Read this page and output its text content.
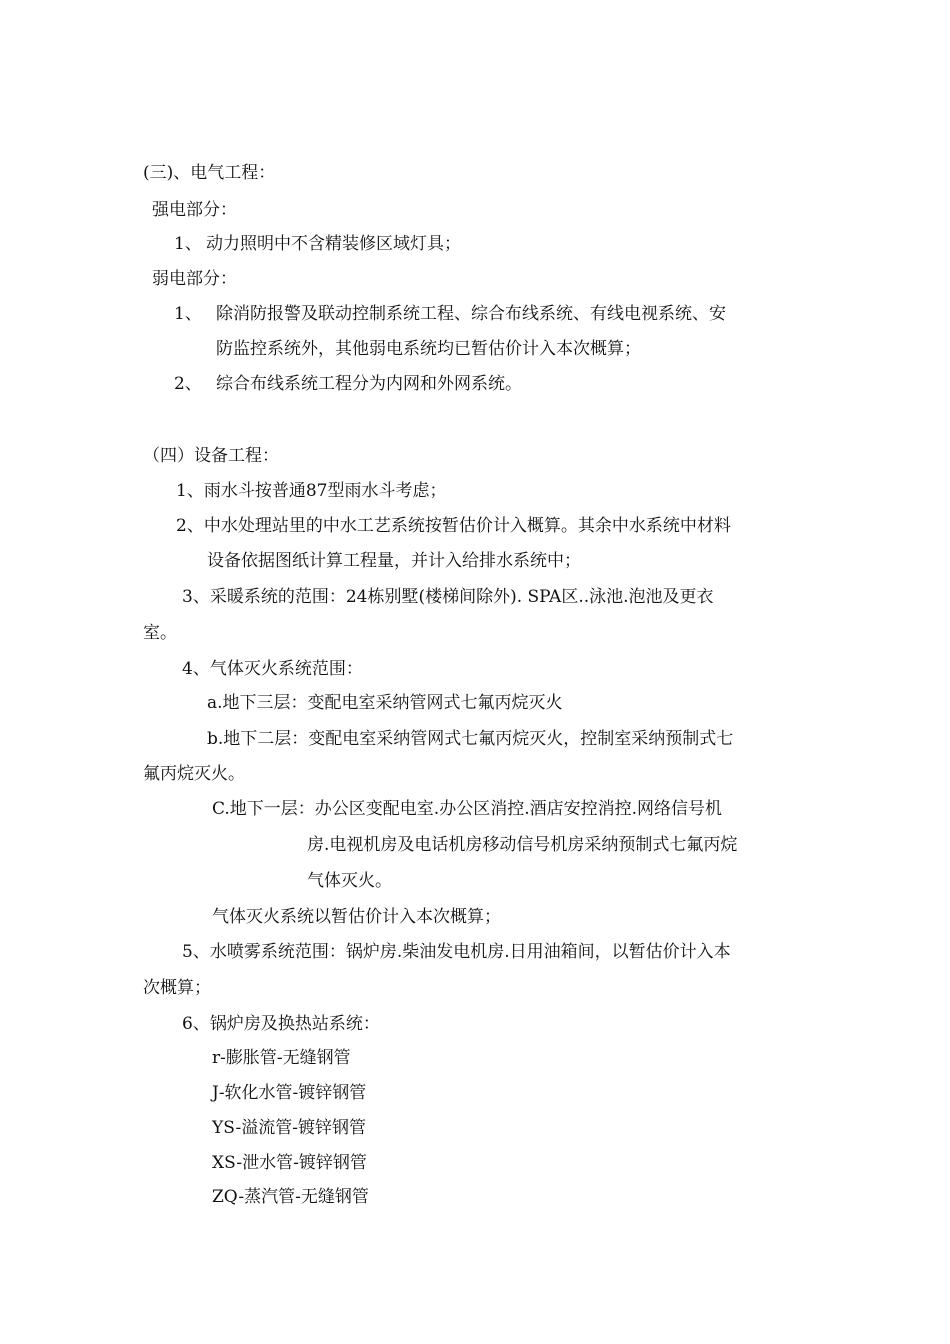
(三)、电气工程：
强电部分：
1、 动力照明中不含精装修区域灯具；
弱电部分：
1、 除消防报警及联动控制系统工程、综合布线系统、有线电视系统、安
防监控系统外，其他弱电系统均已暂估价计入本次概算；
2、 综合布线系统工程分为内网和外网系统。
（四）设备工程：
1、雨水斗按普通87型雨水斗考虑；
2、中水处理站里的中水工艺系统按暂估价计入概算。其余中水系统中材料
设备依据图纸计算工程量，并计入给排水系统中；
3、采暖系统的范围：24栋别墅(楼梯间除外). SPA区..泳池.泡池及更衣
室。
4、气体灭火系统范围：
a.地下三层：变配电室采纳管网式七氟丙烷灭火
b.地下二层：变配电室采纳管网式七氟丙烷灭火，控制室采纳预制式七
氟丙烷灭火。
C.地下一层：办公区变配电室.办公区消控.酒店安控消控.网络信号机
房.电视机房及电话机房移动信号机房采纳预制式七氟丙烷
气体灭火。
气体灭火系统以暂估价计入本次概算；
5、水喷雾系统范围：锅炉房.柴油发电机房.日用油箱间，以暂估价计入本
次概算；
6、锅炉房及换热站系统：
r-膨胀管-无缝钢管
J-软化水管-镀锌钢管
YS-溢流管-镀锌钢管
XS-泄水管-镀锌钢管
ZQ-蒸汽管-无缝钢管
